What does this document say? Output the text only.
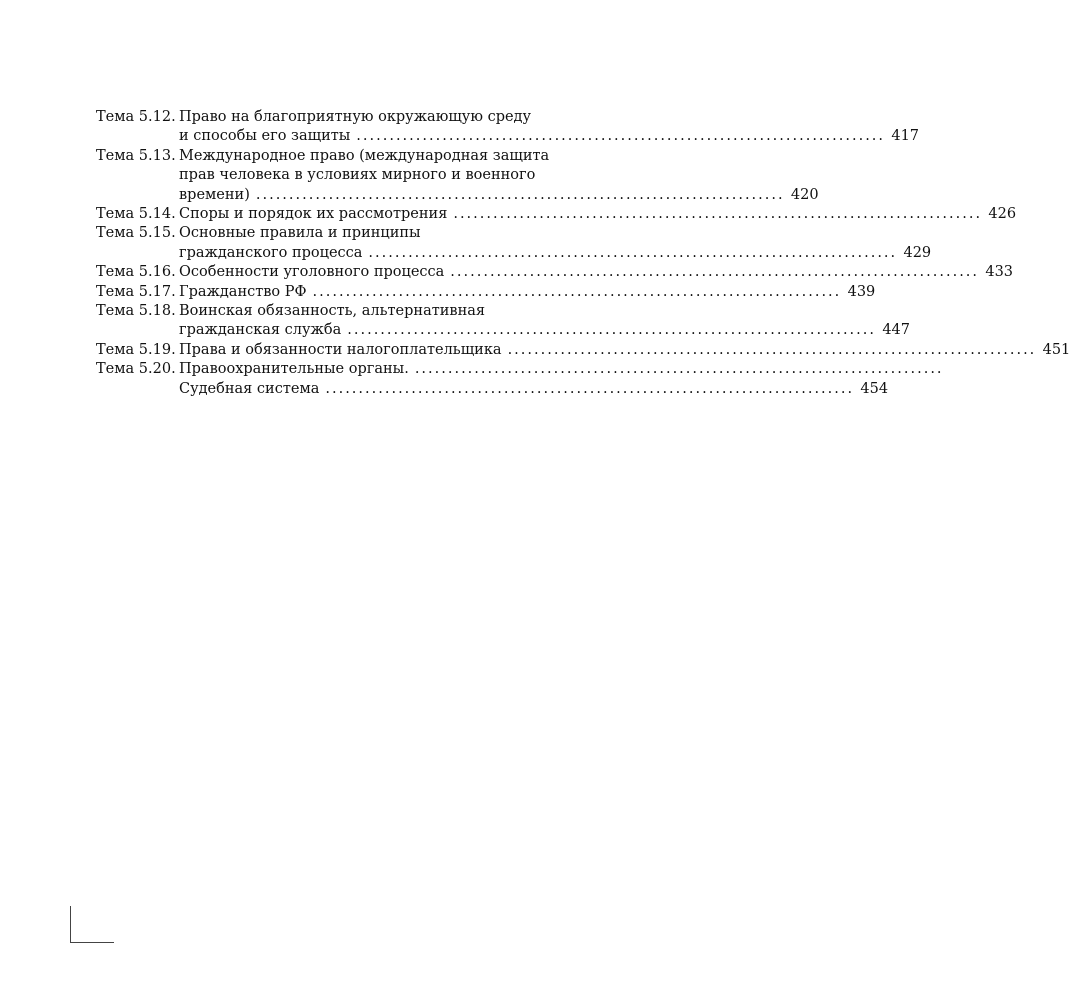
Тема 5.12. Право на благоприятную окружающую среду
и способы его защиты ................................................................................ 417
Тема 5.13. Международное право (международная защита
прав человека в условиях мирного и военного
времени) ................................................................................ 420
Тема 5.14. Споры и порядок их рассмотрения ................................................................................ 426
Тема 5.15. Основные правила и принципы
гражданского процесса ................................................................................ 429
Тема 5.16. Особенности уголовного процесса ................................................................................ 433
Тема 5.17. Гражданство РФ ................................................................................ 439
Тема 5.18. Воинская обязанность, альтернативная
гражданская служба ................................................................................ 447
Тема 5.19. Права и обязанности налогоплательщика ................................................................................ 451
Тема 5.20. Правоохранительные органы. ................................................................................
Судебная система ................................................................................ 454
